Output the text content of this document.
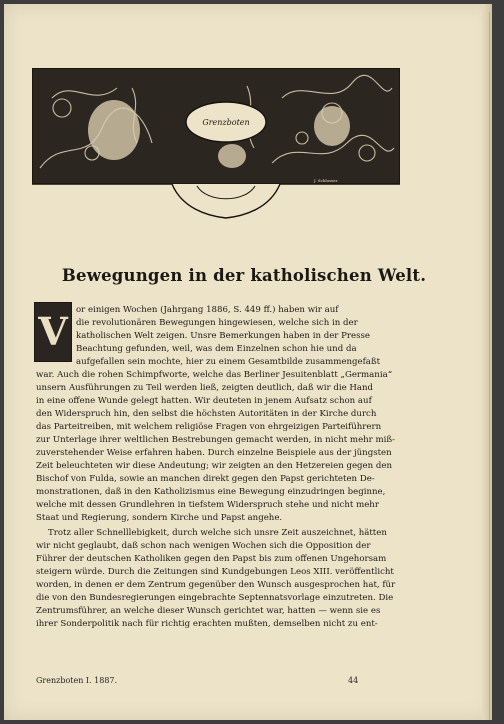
Grenzboten
J. Schlosser
Bewegungen in der katholischen Welt.
V or einigen Wochen (Jahrgang 1886, S. 449 ff.) haben wir auf
die revolutionären Bewegungen hingewiesen, welche sich in der
katholischen Welt zeigen. Unsre Bemerkungen haben in der Presse
Beachtung gefunden, weil, was dem Einzelnen schon hie und da
aufgefallen sein mochte, hier zu einem Gesamtbilde zusammengefaßt
war. Auch die rohen Schimpfworte, welche das Berliner Jesuitenblatt „Germania“
unsern Ausführungen zu Teil werden ließ, zeigten deutlich, daß wir die Hand
in eine offene Wunde gelegt hatten. Wir deuteten in jenem Aufsatz schon auf
den Widerspruch hin, den selbst die höchsten Autoritäten in der Kirche durch
das Parteitreiben, mit welchem religiöse Fragen von ehrgeizigen Parteiführern
zur Unterlage ihrer weltlichen Bestrebungen gemacht werden, in nicht mehr miß-
zuverstehender Weise erfahren haben. Durch einzelne Beispiele aus der jüngsten
Zeit beleuchteten wir diese Andeutung; wir zeigten an den Hetzereien gegen den
Bischof von Fulda, sowie an manchen direkt gegen den Papst gerichteten De-
monstrationen, daß in den Katholizismus eine Bewegung einzudringen beginne,
welche mit dessen Grundlehren in tiefstem Widerspruch stehe und nicht mehr
Staat und Regierung, sondern Kirche und Papst angehe.
Trotz aller Schnelllebigkeit, durch welche sich unsre Zeit auszeichnet, hätten
wir nicht geglaubt, daß schon nach wenigen Wochen sich die Opposition der
Führer der deutschen Katholiken gegen den Papst bis zum offenen Ungehorsam
steigern würde. Durch die Zeitungen sind Kundgebungen Leos XIII. veröffentlicht
worden, in denen er dem Zentrum gegenüber den Wunsch ausgesprochen hat, für
die von den Bundesregierungen eingebrachte Septennatsvorlage einzutreten. Die
Zentrumsführer, an welche dieser Wunsch gerichtet war, hatten — wenn sie es
ihrer Sonderpolitik nach für richtig erachten mußten, demselben nicht zu ent-
Grenzboten I. 1887.	44
